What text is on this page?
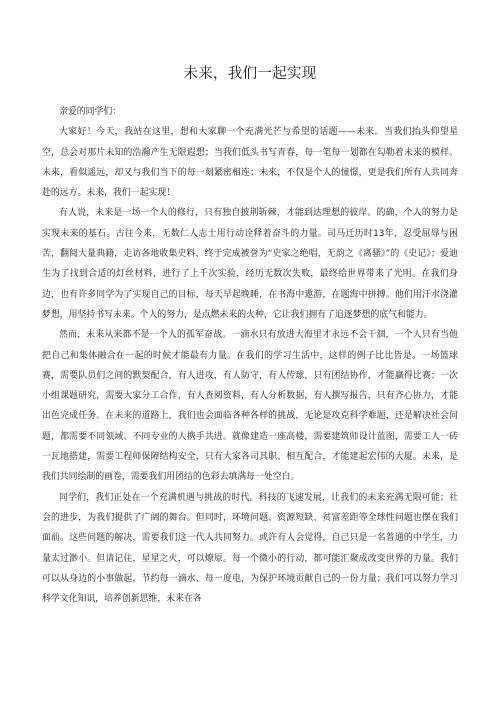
未来，我们一起实现

亲爱的同学们：

大家好！今天，我站在这里，想和大家聊一个充满光芒与希望的话题——未来。当我们抬头仰望星空，总会对那片未知的浩瀚产生无限遐想；当我们低头书写青春，每一笔每一划都在勾勒着未来的模样。未来，看似遥远，却又与我们当下的每一刻紧密相连；未来，不仅是个人的憧憬，更是我们所有人共同奔赴的远方。未来，我们一起实现！

有人说，未来是一场一个人的修行，只有独自披荆斩棘，才能到达理想的彼岸。的确，个人的努力是实现未来的基石。古往今来，无数仁人志士用行动诠释着奋斗的力量。司马迁历时13年，忍受屈辱与困苦，翻阅大量典籍，走访各地收集史料，终于完成被誉为“史家之绝唱，无韵之《离骚》”的《史记》；爱迪生为了找到合适的灯丝材料，进行了上千次实验，经历无数次失败，最终给世界带来了光明。在我们身边，也有许多同学为了实现自己的目标，每天早起晚睡，在书海中遨游，在题海中拼搏。他们用汗水浇灌梦想，用坚持书写未来。个人的努力，是点燃未来的火种，它让我们拥有了追逐梦想的底气和能力。

然而，未来从来都不是一个人的孤军奋战。一滴水只有放进大海里才永远不会干涸，一个人只有当他把自己和集体融合在一起的时候才能最有力量。在我们的学习生活中，这样的例子比比皆是。一场篮球赛，需要队员们之间的默契配合，有人进攻，有人防守，有人传球，只有团结协作，才能赢得比赛；一次小组课题研究，需要大家分工合作，有人查阅资料，有人分析数据，有人撰写报告，只有齐心协力，才能出色完成任务。在未来的道路上，我们也会面临各种各样的挑战，无论是攻克科学难题，还是解决社会问题，都需要不同领域、不同专业的人携手共进。就像建造一座高楼，需要建筑师设计蓝图，需要工人一砖一瓦地搭建，需要工程师保障结构安全，只有大家各司其职、相互配合，才能建起宏伟的大厦。未来，是我们共同绘制的画卷，需要我们用团结的色彩去填满每一处空白。

同学们，我们正处在一个充满机遇与挑战的时代。科技的飞速发展，让我们的未来充满无限可能；社会的进步，为我们提供了广阔的舞台。但同时，环境问题、资源短缺、贫富差距等全球性问题也摆在我们面前。这些问题的解决，需要我们这一代人共同努力。或许有人会觉得，自己只是一名普通的中学生，力量太过渺小。但请记住，星星之火，可以燎原。每一个微小的行动，都可能汇聚成改变世界的力量。我们可以从身边的小事做起，节约每一滴水、每一度电，为保护环境贡献自己的一份力量；我们可以努力学习科学文化知识，培养创新思维，未来在各
